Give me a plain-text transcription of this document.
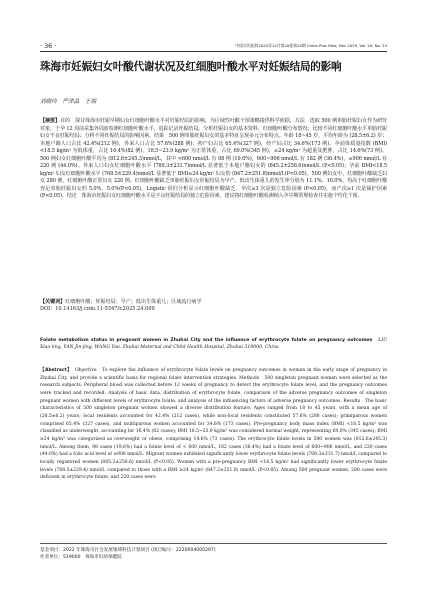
· 36 ·	中国实用医药2025年12月第20卷第24期 China Prac Med, Dec 2025, Vol. 20, No. 24
珠海市妊娠妇女叶酸代谢状况及红细胞叶酸水平对妊娠结局的影响
刘晓玲　严津晶　王瑞

【摘要】目的　探讨珠海市妊娠早期妇女红细胞叶酸水平对妊娠结局的影响，为区域性叶酸干预策略提供科学依据。方法　选取 500 例单胎妊娠妇女作为研究对象，于孕 12 周前采集外周血检测红细胞叶酸水平，追踪记录妊娠结局。分析妊娠妇女的基本资料、红细胞叶酸分布情况；比较不同红细胞叶酸水平单胎妊娠妇女不良妊娠结局；分析不同妊娠结局的影响因素。结果　500 例单胎妊娠妇女的基本特征呈现多元分布特点。年龄 18~45 岁，平均年龄为 (28.5±6.2) 岁；本地户籍人口占比 42.4%(212 例)，外来人口占比 57.6%(288 例)；初产妇占比 65.4%(327 例)，经产妇占比 34.6%(173 例)。孕前体质量指数 (BMI)<18.5 kg/m² 为低体重，占比 16.4%(82 例)，18.5~23.9 kg/m² 为正常体重，占比 69.0%(345 例)，≥24 kg/m² 为超重及肥胖，占比 14.6%(73 例)。500 例妇女红细胞叶酸平均为 (812.6±245.3)nmol/L，其中 <600 nmol/L 有 98 例 (19.6%)，600~906 nmol/L 有 182 例 (36.4%)，≥906 nmol/L 有 220 例 (44.0%)。外来人口妇女红细胞叶酸水平 (789.3±231.7)nmol/L 显著低于本地户籍妇女的 (845.2±258.6)nmol/L (P<0.05)；孕前 BMI<18.5 kg/m² 妇女红细胞叶酸水平 (768.5±229.4)nmol/L 显著低于 BMI≥24 kg/m² 妇女的 (847.2±251.8)nmol/L(P<0.05)。500 例妇女中，红细胞叶酸缺乏妇女 280 例，红细胞叶酸正常妇女 220 例。红细胞叶酸缺乏单胎妊娠妇女妊娠结局为早产、低出生体重儿的发生率分别为 11.1%、10.0%，均高于红细胞叶酸充足单胎妊娠妇女的 5.0%、5.0%(P<0.05)。Logistic 回归分析显示红细胞叶酸缺乏、孕次≥3 次是独立危险因素 (P<0.05)，而产次≥1 次是保护因素 (P<0.05)。结论　珠海市妊娠妇女红细胞叶酸水平是不良妊娠结局的独立危险因素，建议将红细胞叶酸检测纳入孕早期常规检查并实施个性化干预。

【关键词】红细胞叶酸；妊娠结局；早产；低出生体重儿；区域流行病学

DOI：10.14163/j.cnki.11-5547/r.2025.24.009

Folate metabolism status in pregnant women in Zhuhai City and the influence of erythrocyte folate on pregnancy outcomes　 LIU Xiao-ling, YAN Jin-jing, WANG Yao. Zhuhai Maternal and Child Health Hospital, Zhuhai 519000, China

【Abstract】　 Objective　To explore the influence of erythrocyte folate levels on pregnancy outcomes in women in the early stage of pregnancy in Zhuhai City, and provide a scientific basis for regional folate intervention strategies. Methods　500 singleton pregnant women were selected as the research subjects. Peripheral blood was collected before 12 weeks of pregnancy to detect the erythrocyte folate level, and the pregnancy outcomes were tracked and recorded. Analysis of basic data, distribution of erythrocyte folate, comparison of the adverse pregnancy outcomes of singleton pregnant women with different levels of erythrocyte folate, and analysis of the influencing factors of adverse pregnancy outcomes. Results　The basic characteristics of 500 singleton pregnant women showed a diverse distribution feature. Ages ranged from 18 to 45 years, with a mean age of (28.5±6.2) years; local residents accounted for 42.4% (212 cases), while non-local residents constituted 57.6% (288 cases); primiparous women comprised 65.4% (327 cases), and multiparous women accounted for 34.6% (173 cases). Pre-pregnancy body mass index (BMI) <18.5 kg/m² was classified as underweight, accounting for 16.4% (82 cases); BMI 18.5~23.9 kg/m² was considered normal weight, representing 69.0% (345 cases); BMI ≥24 kg/m² was categorized as overweight or obese, comprising 14.6% (73 cases). The erythrocyte folate levels in 500 women was (812.6±245.3) nmol/L. Among them, 98 cases (19.6%) had a folate level of < 600 nmol/L, 182 cases (36.4%) had a folate level of 600~906 nmol/L, and 220 cases (44.0%) had a folic acid level of ≥906 nmol/L. Migrant women exhibited significantly lower erythrocyte folate levels (789.3±231.7) nmol/L compared to locally registered women (845.2±258.6) nmol/L (P<0.05). Women with a pre-pregnancy BMI <18.5 kg/m² had significantly lower erythrocyte folate levels (768.5±229.4) nmol/L compared to those with a BMI ≥24 kg/m² (847.2±251.8) nmol/L (P<0.05). Among 500 pregnant women, 280 cases were deficient in erythrocyte folate, and 220 cases were

基金项目：2022 年珠海市社会发展领域科技计划项目 (项目编号：2220004000297)

作者单位：519000　珠海市妇幼保健院
